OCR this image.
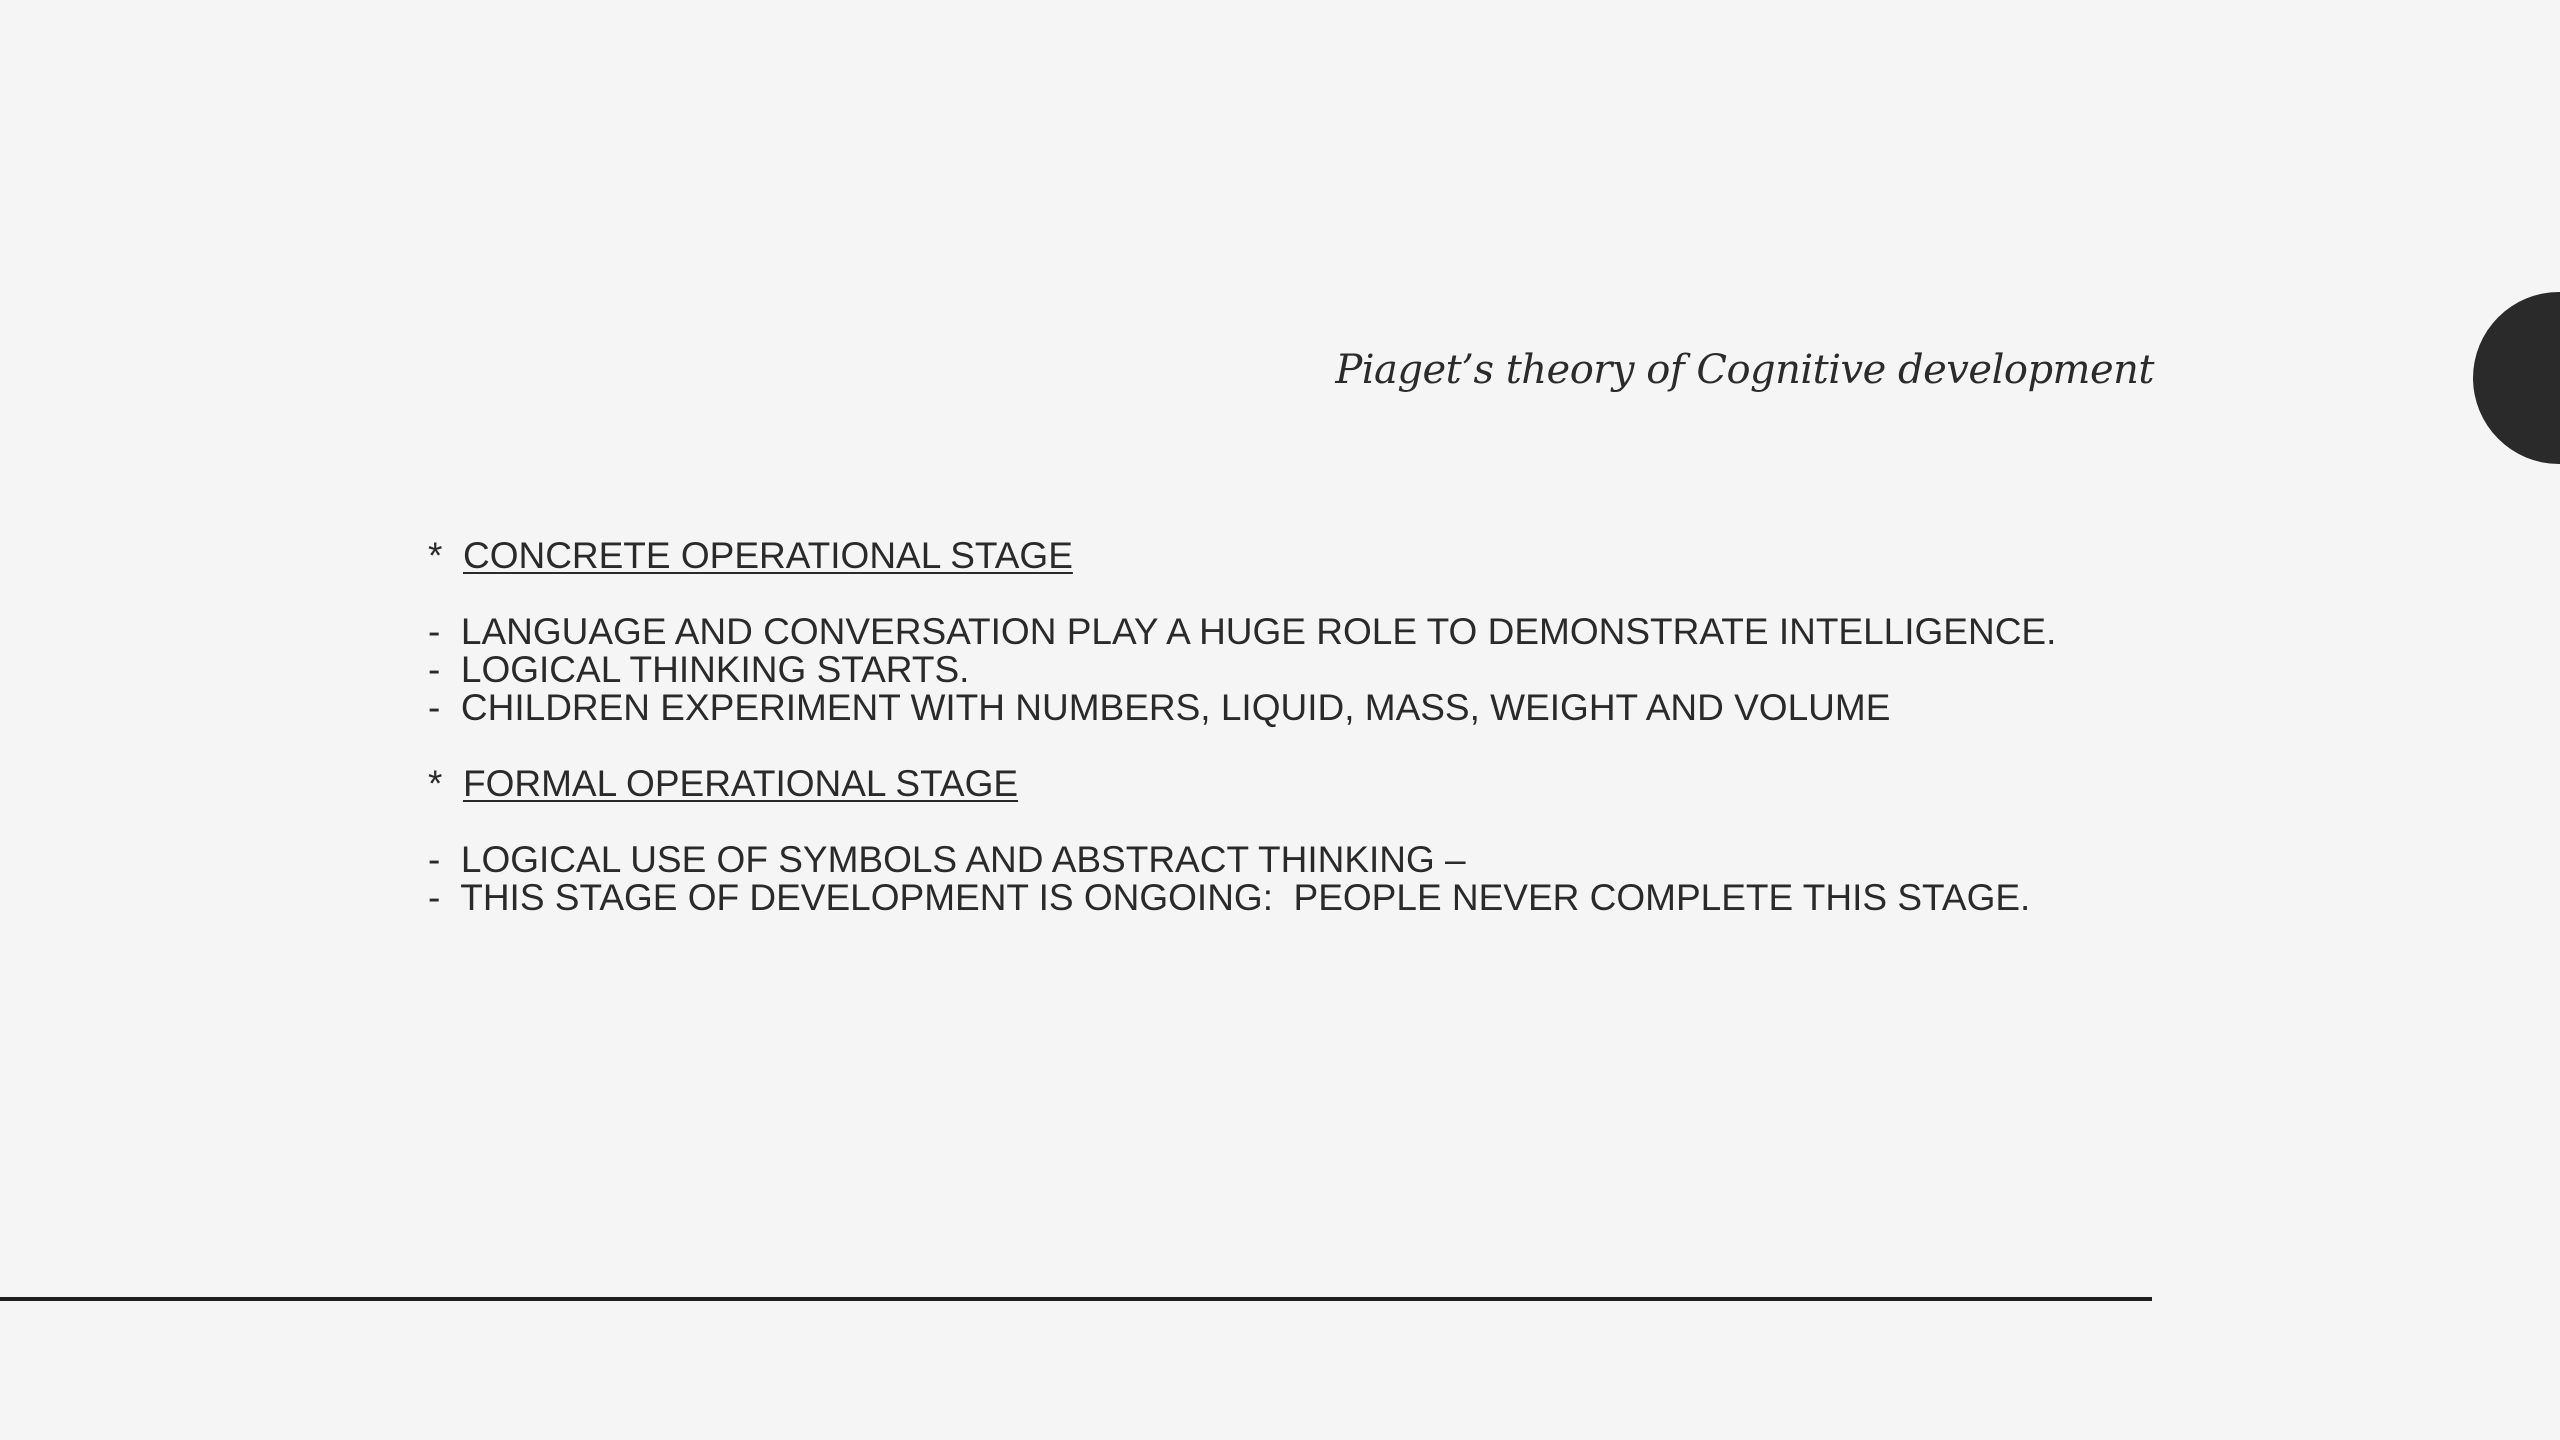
Piaget’s theory of Cognitive development
* CONCRETE OPERATIONAL STAGE
- LANGUAGE AND CONVERSATION PLAY A HUGE ROLE TO DEMONSTRATE INTELLIGENCE.
- LOGICAL THINKING STARTS.
- CHILDREN EXPERIMENT WITH NUMBERS, LIQUID, MASS, WEIGHT AND VOLUME
* FORMAL OPERATIONAL STAGE
- LOGICAL USE OF SYMBOLS AND ABSTRACT THINKING –
- THIS STAGE OF DEVELOPMENT IS ONGOING:  PEOPLE NEVER COMPLETE THIS STAGE.
